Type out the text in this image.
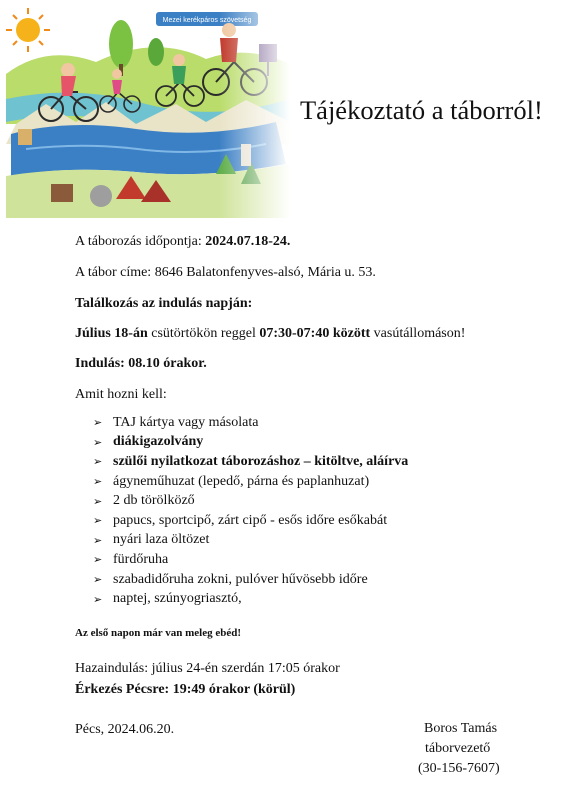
Tájékoztató a táborról!
A táborozás időpontja: 2024.07.18-24.
A tábor címe: 8646 Balatonfenyves-alsó, Mária u. 53.
Találkozás az indulás napján:
Július 18-án csütörtökön reggel 07:30-07:40 között vasútállomáson!
Indulás: 08.10 órakor.
Amit hozni kell:
➢ TAJ kártya vagy másolata
➢ diákigazolvány
➢ szülői nyilatkozat táborozáshoz – kitöltve, aláírva
➢ ágyneműhuzat (lepedő, párna és paplanhuzat)
➢ 2 db törölköző
➢ papucs, sportcipő, zárt cipő - esős időre esőkabát
➢ nyári laza öltözet
➢ fürdőruha
➢ szabadidőruha zokni, pulóver hűvösebb időre
➢ naptej, szúnyogriasztó,
Az első napon már van meleg ebéd!
Hazaindulás: július 24-én szerdán 17:05 órakor
Érkezés Pécsre: 19:49 órakor (körül)
Pécs, 2024.06.20.	Boros Tamás
táborvezető
(30-156-7607)
